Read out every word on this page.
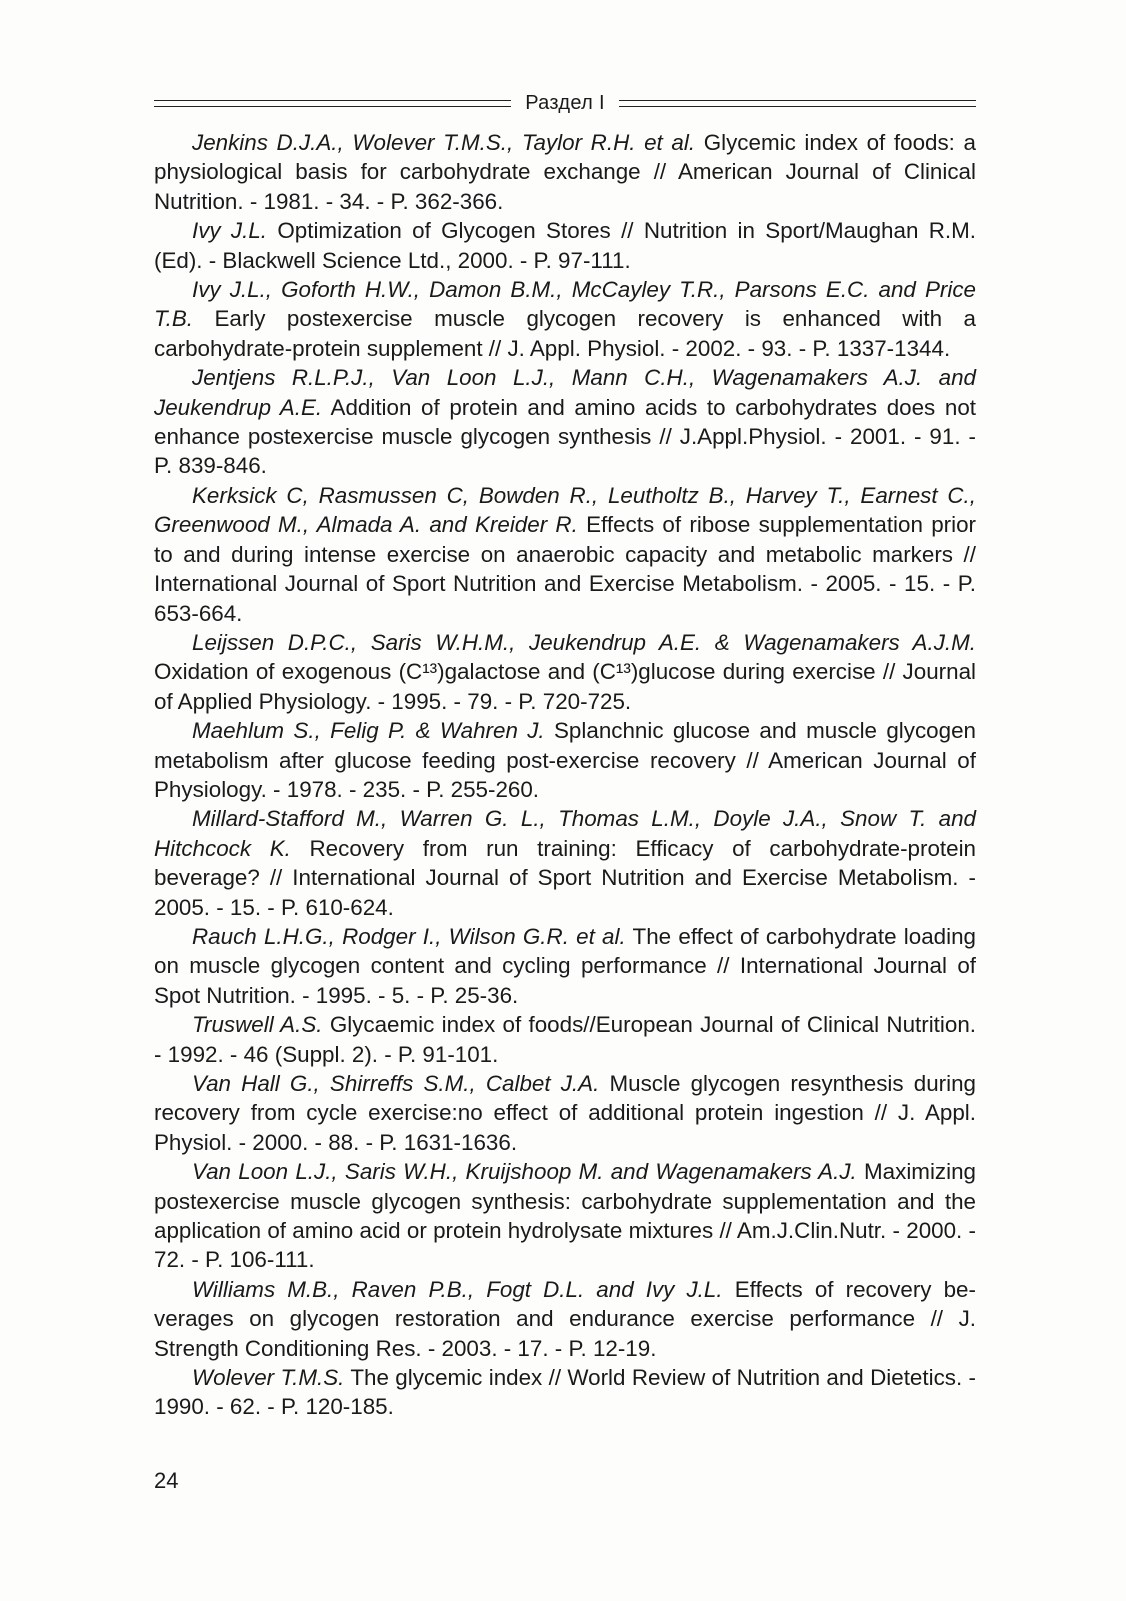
Раздел I

Jenkins D.J.A., Wolever T.M.S., Taylor R.H. et al. Glycemic index of foods: a physiological basis for carbohydrate exchange // American Journal of Clinical Nutrition. - 1981. - 34. - P. 362-366.

Ivy J.L. Optimization of Glycogen Stores // Nutrition in Sport/Maughan R.M.(Ed). - Blackwell Science Ltd., 2000. - P. 97-111.

Ivy J.L., Goforth H.W., Damon B.M., McCayley T.R., Parsons E.C. and Price T.B. Early postexercise muscle glycogen recovery is enhanced with a carbohydrate-protein supplement // J. Appl. Physiol. - 2002. - 93. - P. 1337-1344.

Jentjens R.L.P.J., Van Loon L.J., Mann C.H., Wagenamakers A.J. and Jeukendrup A.E. Addition of protein and amino acids to carbohydrates does not enhance postexercise muscle glycogen synthesis // J.Appl.Physiol. - 2001. - 91. - P. 839-846.

Kerksick C, Rasmussen C, Bowden R., Leutholtz B., Harvey T., Earnest C., Greenwood M., Almada A. and Kreider R. Effects of ribose supplementation prior to and during intense exercise on anaerobic capacity and metabolic markers // International Journal of Sport Nutrition and Exercise Metabolism. - 2005. - 15. - P. 653-664.

Leijssen D.P.C., Saris W.H.M., Jeukendrup A.E. & Wagenamakers A.J.M. Oxidation of exogenous (C¹³)galactose and (C¹³)glucose during exercise // Journal of Applied Physiology. - 1995. - 79. - P. 720-725.

Maehlum S., Felig P. & Wahren J. Splanchnic glucose and muscle glycogen metabolism after glucose feeding post-exercise recovery // American Journal of Physiology. - 1978. - 235. - P. 255-260.

Millard-Stafford M., Warren G. L., Thomas L.M., Doyle J.A., Snow T. and Hitchcock K. Recovery from run training: Efficacy of carbohydrate-protein beverage? // International Journal of Sport Nutrition and Exercise Metabolism. - 2005. - 15. - P. 610-624.

Rauch L.H.G., Rodger I., Wilson G.R. et al. The effect of carbohydrate loading on muscle glycogen content and cycling performance // International Journal of Spot Nutrition. - 1995. - 5. - P. 25-36.

Truswell A.S. Glycaemic index of foods//European Journal of Clinical Nutrition. - 1992. - 46 (Suppl. 2). - P. 91-101.

Van Hall G., Shirreffs S.M., Calbet J.A. Muscle glycogen resynthesis during recovery from cycle exercise:no effect of additional protein ingestion // J. Appl. Physiol. - 2000. - 88. - P. 1631-1636.

Van Loon L.J., Saris W.H., Kruijshoop M. and Wagenamakers A.J. Maximizing postexercise muscle glycogen synthesis: carbohydrate supplementation and the application of amino acid or protein hydrolysate mixtures // Am.J.Clin.Nutr. - 2000. - 72. - P. 106-111.

Williams M.B., Raven P.B., Fogt D.L. and Ivy J.L. Effects of recovery beverages on glycogen restoration and endurance exercise performance // J. Strength Conditioning Res. - 2003. - 17. - P. 12-19.

Wolever T.M.S. The glycemic index // World Review of Nutrition and Dietetics. - 1990. - 62. - P. 120-185.

24
